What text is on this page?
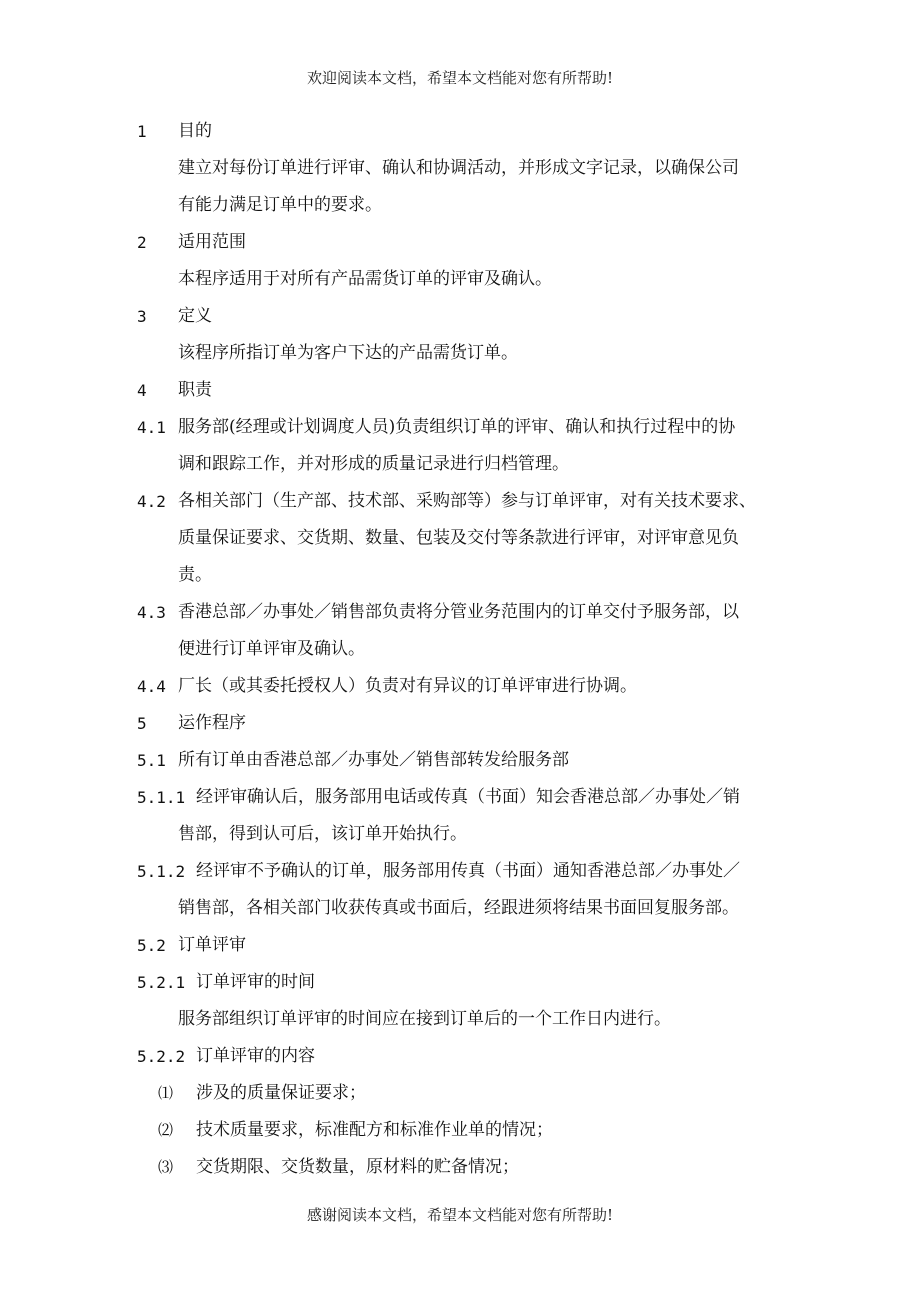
欢迎阅读本文档，希望本文档能对您有所帮助!
1 目的
建立对每份订单进行评审、确认和协调活动，并形成文字记录，以确保公司
有能力满足订单中的要求。
2 适用范围
本程序适用于对所有产品需货订单的评审及确认。
3 定义
该程序所指订单为客户下达的产品需货订单。
4 职责
4.1 服务部(经理或计划调度人员)负责组织订单的评审、确认和执行过程中的协
调和跟踪工作，并对形成的质量记录进行归档管理。
4.2 各相关部门（生产部、技术部、采购部等）参与订单评审，对有关技术要求、
质量保证要求、交货期、数量、包装及交付等条款进行评审，对评审意见负
责。
4.3 香港总部／办事处／销售部负责将分管业务范围内的订单交付予服务部，以
便进行订单评审及确认。
4.4 厂长（或其委托授权人）负责对有异议的订单评审进行协调。
5 运作程序
5.1 所有订单由香港总部／办事处／销售部转发给服务部
5.1.1 经评审确认后，服务部用电话或传真（书面）知会香港总部／办事处／销
售部，得到认可后，该订单开始执行。
5.1.2 经评审不予确认的订单，服务部用传真（书面）通知香港总部／办事处／
销售部，各相关部门收获传真或书面后，经跟进须将结果书面回复服务部。
5.2 订单评审
5.2.1 订单评审的时间
服务部组织订单评审的时间应在接到订单后的一个工作日内进行。
5.2.2 订单评审的内容
⑴ 涉及的质量保证要求；
⑵ 技术质量要求，标准配方和标准作业单的情况；
⑶ 交货期限、交货数量，原材料的贮备情况；
感谢阅读本文档，希望本文档能对您有所帮助!
